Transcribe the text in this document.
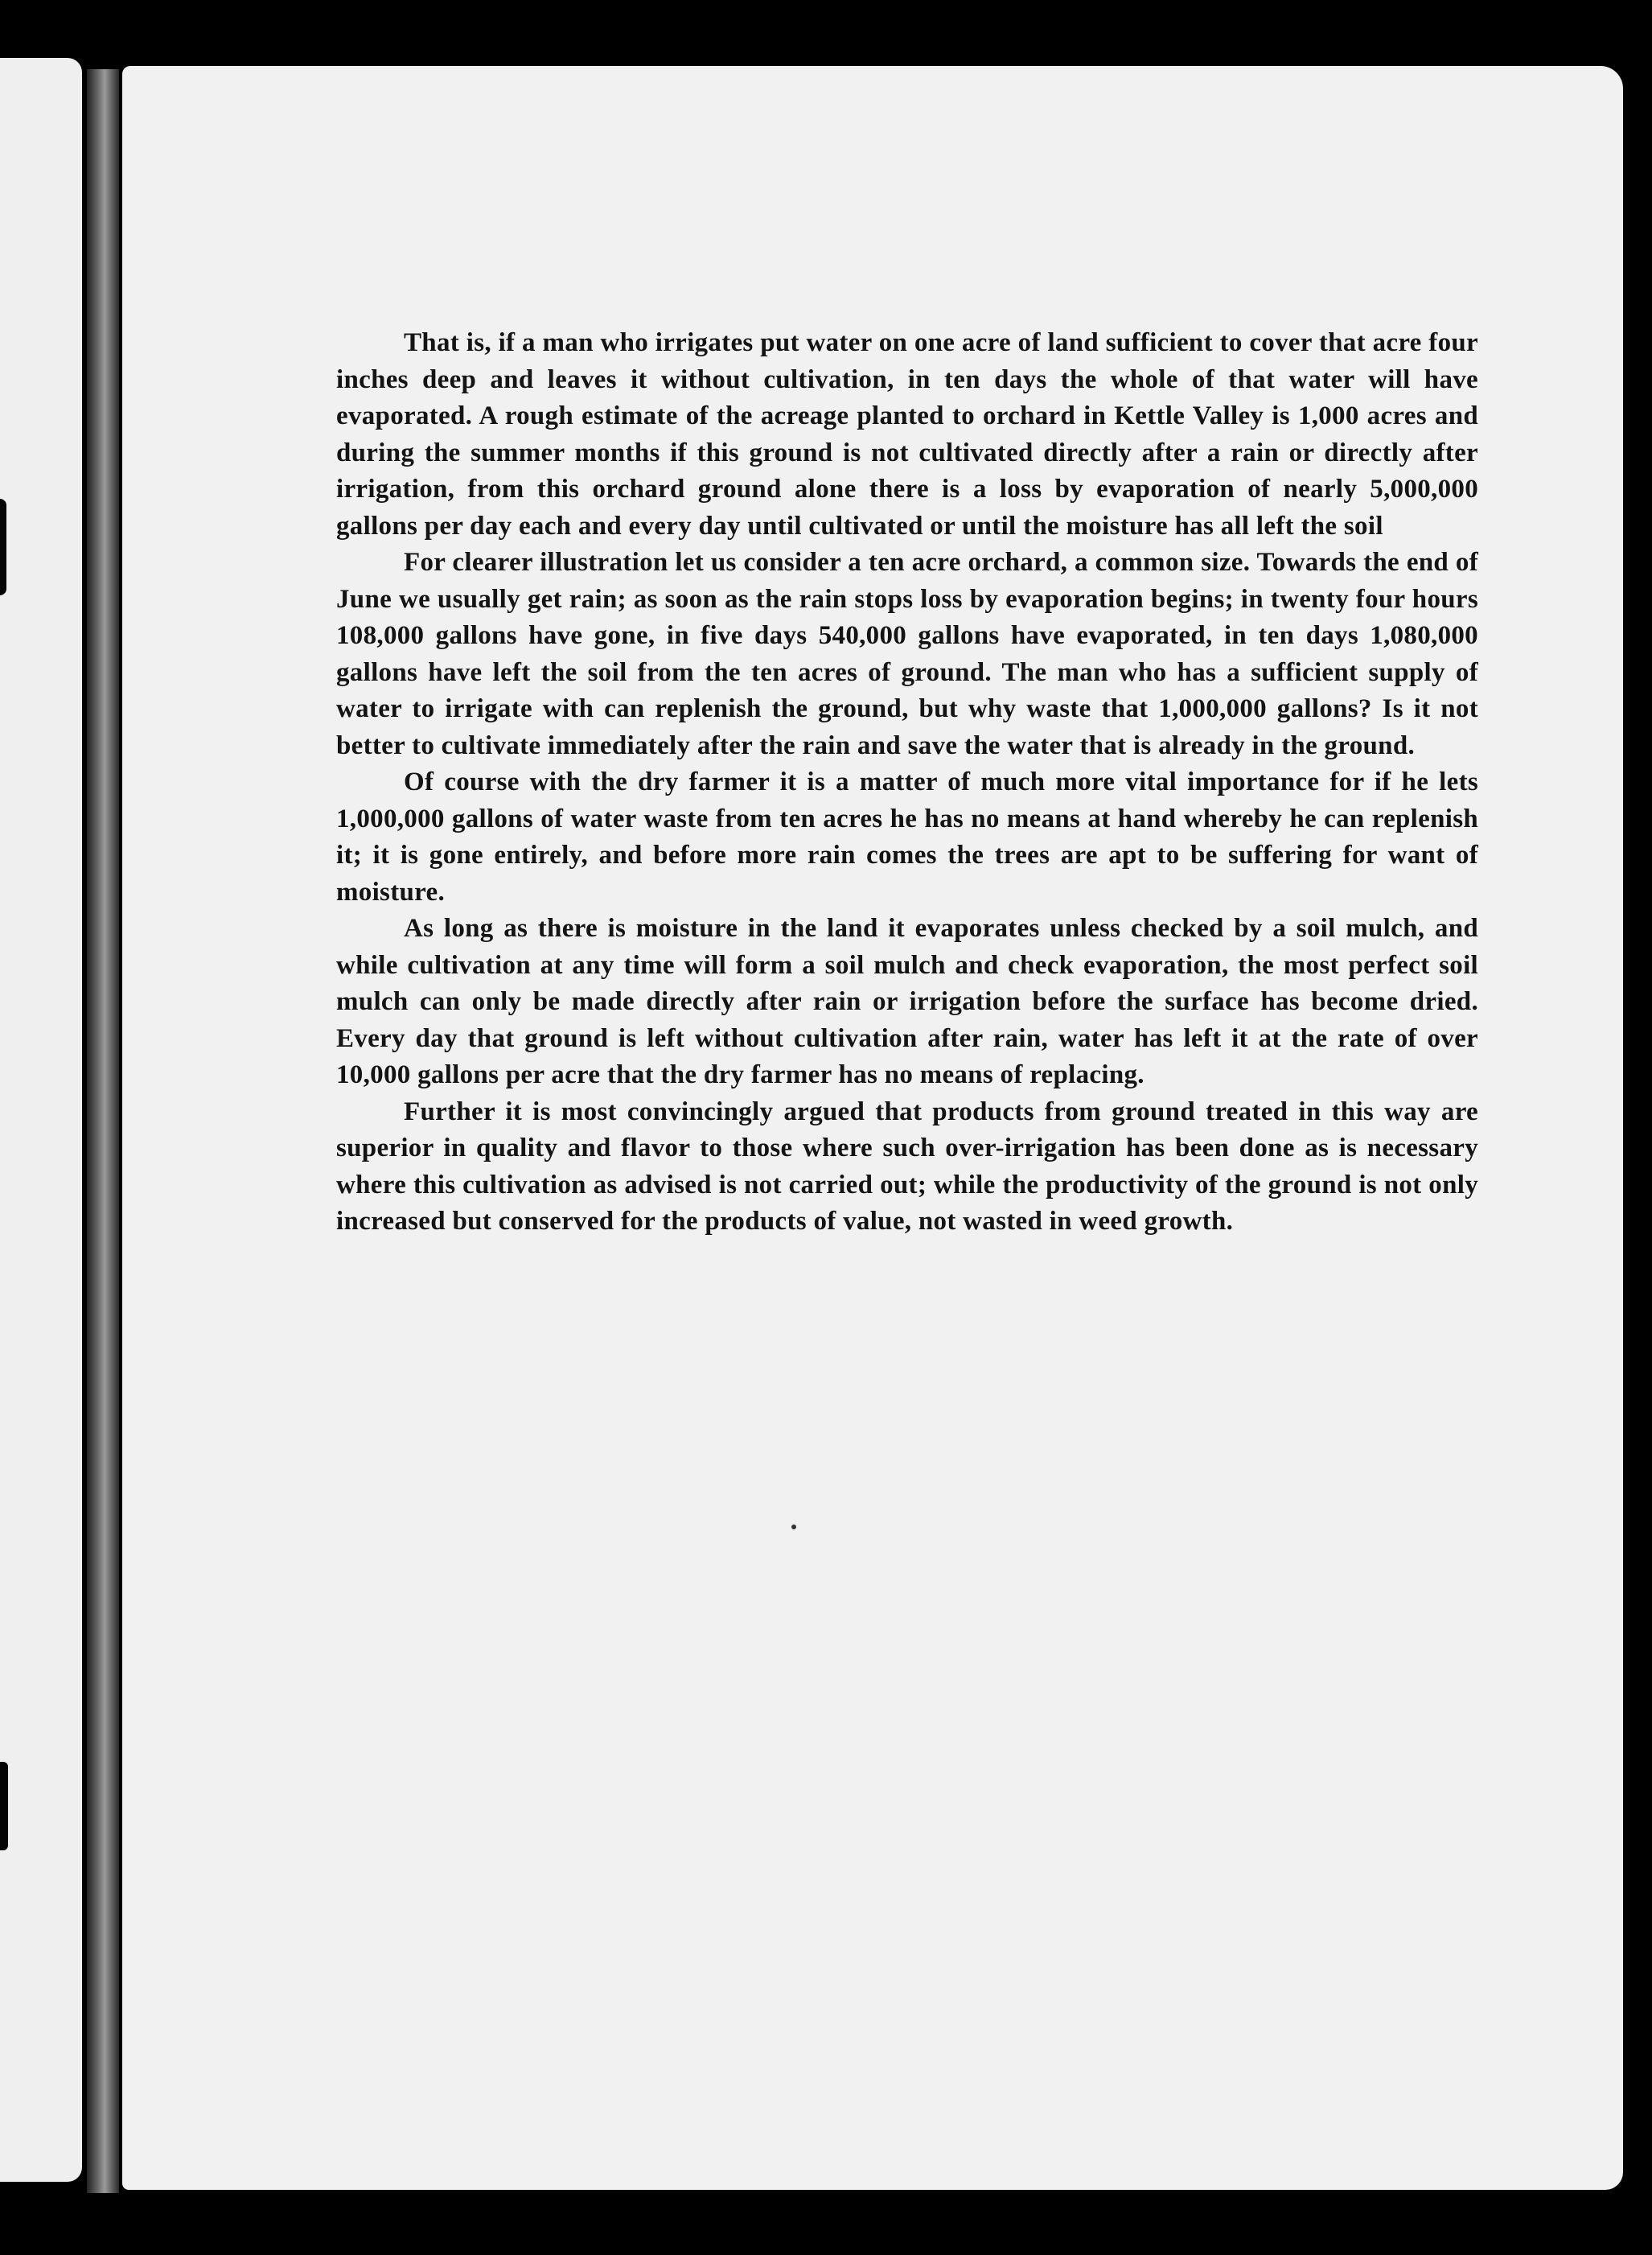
That is, if a man who irrigates put water on one acre of land sufficient to cover that acre four inches deep and leaves it without cultivation, in ten days the whole of that water will have evaporated. A rough estimate of the acreage planted to orchard in Kettle Valley is 1,000 acres and during the summer months if this ground is not cultivated directly after a rain or directly after irrigation, from this orchard ground alone there is a loss by evaporation of nearly 5,000,000 gallons per day each and every day until cultivated or until the moisture has all left the soil

For clearer illustration let us consider a ten acre orchard, a common size. Towards the end of June we usually get rain; as soon as the rain stops loss by evaporation begins; in twenty four hours 108,000 gallons have gone, in five days 540,000 gallons have evaporated, in ten days 1,080,000 gallons have left the soil from the ten acres of ground. The man who has a sufficient supply of water to irrigate with can replenish the ground, but why waste that 1,000,000 gallons? Is it not better to cultivate immediately after the rain and save the water that is already in the ground.

Of course with the dry farmer it is a matter of much more vital importance for if he lets 1,000,000 gallons of water waste from ten acres he has no means at hand whereby he can replenish it; it is gone entirely, and before more rain comes the trees are apt to be suffering for want of moisture.

As long as there is moisture in the land it evaporates unless checked by a soil mulch, and while cultivation at any time will form a soil mulch and check evaporation, the most perfect soil mulch can only be made directly after rain or irrigation before the surface has become dried. Every day that ground is left without cultivation after rain, water has left it at the rate of over 10,000 gallons per acre that the dry farmer has no means of replacing.

Further it is most convincingly argued that products from ground treated in this way are superior in quality and flavor to those where such over-irrigation has been done as is necessary where this cultivation as advised is not carried out; while the productivity of the ground is not only increased but conserved for the products of value, not wasted in weed growth.
